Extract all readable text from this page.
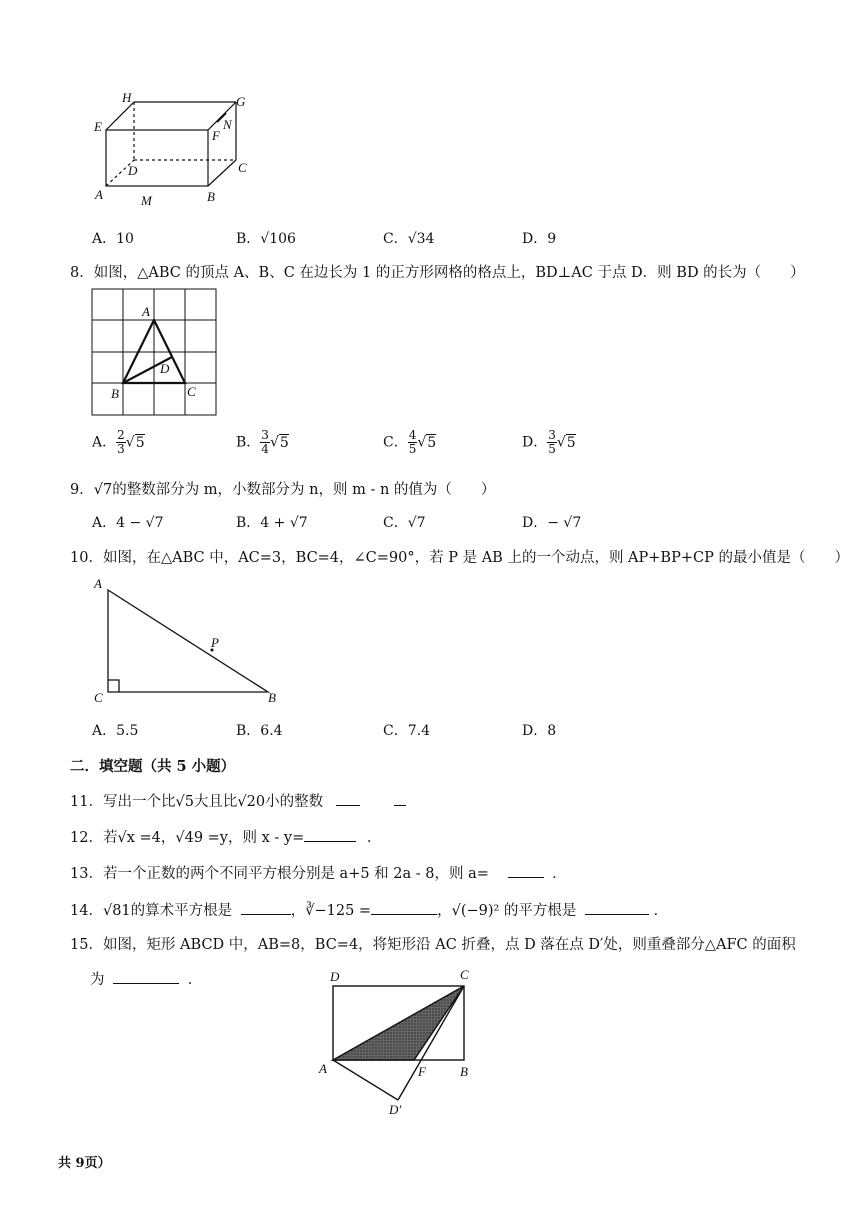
H	G
E	N
F
D	C
A	M	B
A．10	B．√106	C．√34	D．9
8．如图，△ABC 的顶点 A、B、C 在边长为 1 的正方形网格的格点上，BD⊥AC 于点 D．则 BD 的长为（　　）
A
D
B	C
A． $\frac{2}{3} √5$	B． $\frac{3}{4} √5$	C． $\frac{4}{5} √5$	D． $\frac{3}{5} √5$
9．√7的整数部分为 m，小数部分为 n，则 m - n 的值为（　　）
A．4 − √7	B．4 + √7	C．√7	D．− √7
10．如图，在△ABC 中，AC=3，BC=4，∠C=90°，若 P 是 AB 上的一个动点，则 AP+BP+CP 的最小值是（　　）
A
P
C	B
A．5.5	B．6.4	C．7.4	D．8
二．填空题（共 5 小题）
11．写出一个比√5大且比√20小的整数
12．若√x =4，√49 =y，则 x - y=	．
13．若一个正数的两个不同平方根分别是 a+5 和 2a - 8，则 a=	．
14．√81的算术平方根是	，∛−125 =	，√(−9)² 的平方根是	．
15．如图，矩形 ABCD 中，AB=8，BC=4，将矩形沿 AC 折叠，点 D 落在点 D′处，则重叠部分△AFC 的面积
为	．	D	C
A	F	B
D′
共 9页）
